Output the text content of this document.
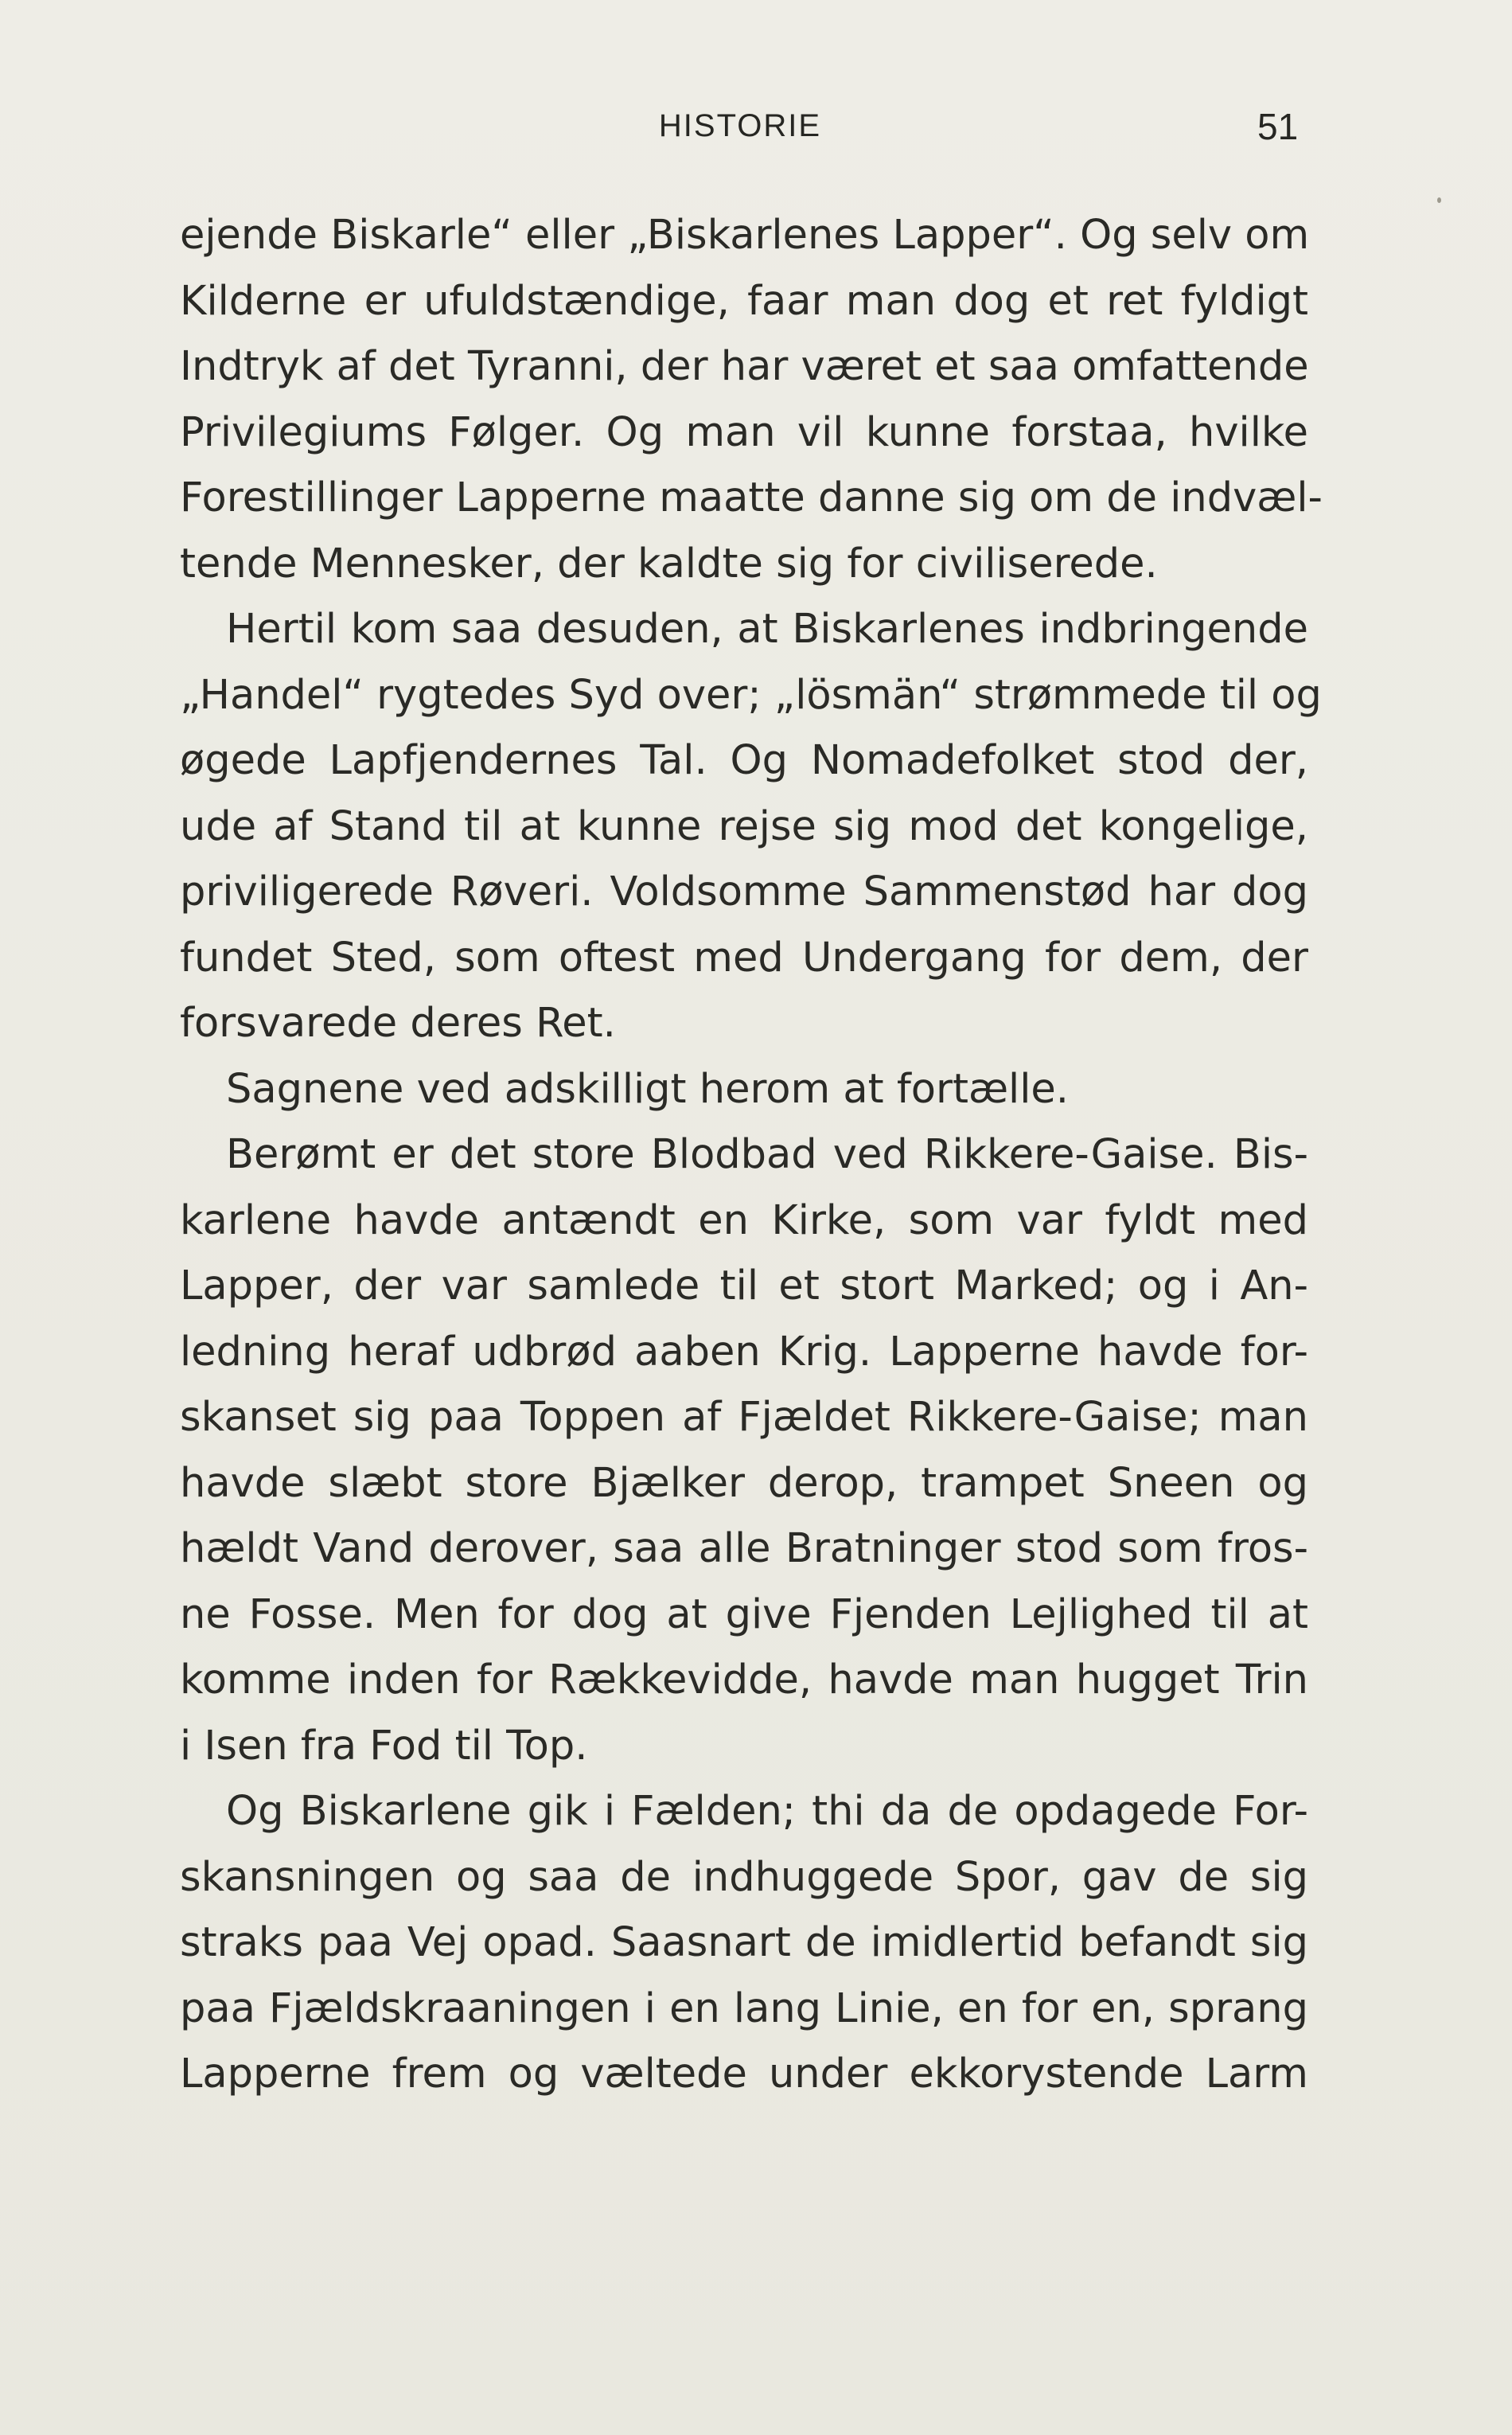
HISTORIE	51
ejende Biskarle“ eller „Biskarlenes Lapper“. Og selv om
Kilderne er ufuldstændige, faar man dog et ret fyldigt
Indtryk af det Tyranni, der har været et saa omfattende
Privilegiums Følger. Og man vil kunne forstaa, hvilke
Forestillinger Lapperne maatte danne sig om de indvæl-
tende Mennesker, der kaldte sig for civiliserede.
Hertil kom saa desuden, at Biskarlenes indbringende
„Handel“ rygtedes Syd over; „lösmän“ strømmede til og
øgede Lapfjendernes Tal. Og Nomadefolket stod der,
ude af Stand til at kunne rejse sig mod det kongelige,
priviligerede Røveri. Voldsomme Sammenstød har dog
fundet Sted, som oftest med Undergang for dem, der
forsvarede deres Ret.
Sagnene ved adskilligt herom at fortælle.
Berømt er det store Blodbad ved Rikkere-Gaise. Bis-
karlene havde antændt en Kirke, som var fyldt med
Lapper, der var samlede til et stort Marked; og i An-
ledning heraf udbrød aaben Krig. Lapperne havde for-
skanset sig paa Toppen af Fjældet Rikkere-Gaise; man
havde slæbt store Bjælker derop, trampet Sneen og
hældt Vand derover, saa alle Bratninger stod som fros-
ne Fosse. Men for dog at give Fjenden Lejlighed til at
komme inden for Rækkevidde, havde man hugget Trin
i Isen fra Fod til Top.
Og Biskarlene gik i Fælden; thi da de opdagede For-
skansningen og saa de indhuggede Spor, gav de sig
straks paa Vej opad. Saasnart de imidlertid befandt sig
paa Fjældskraaningen i en lang Linie, en for en, sprang
Lapperne frem og væltede under ekkorystende Larm
